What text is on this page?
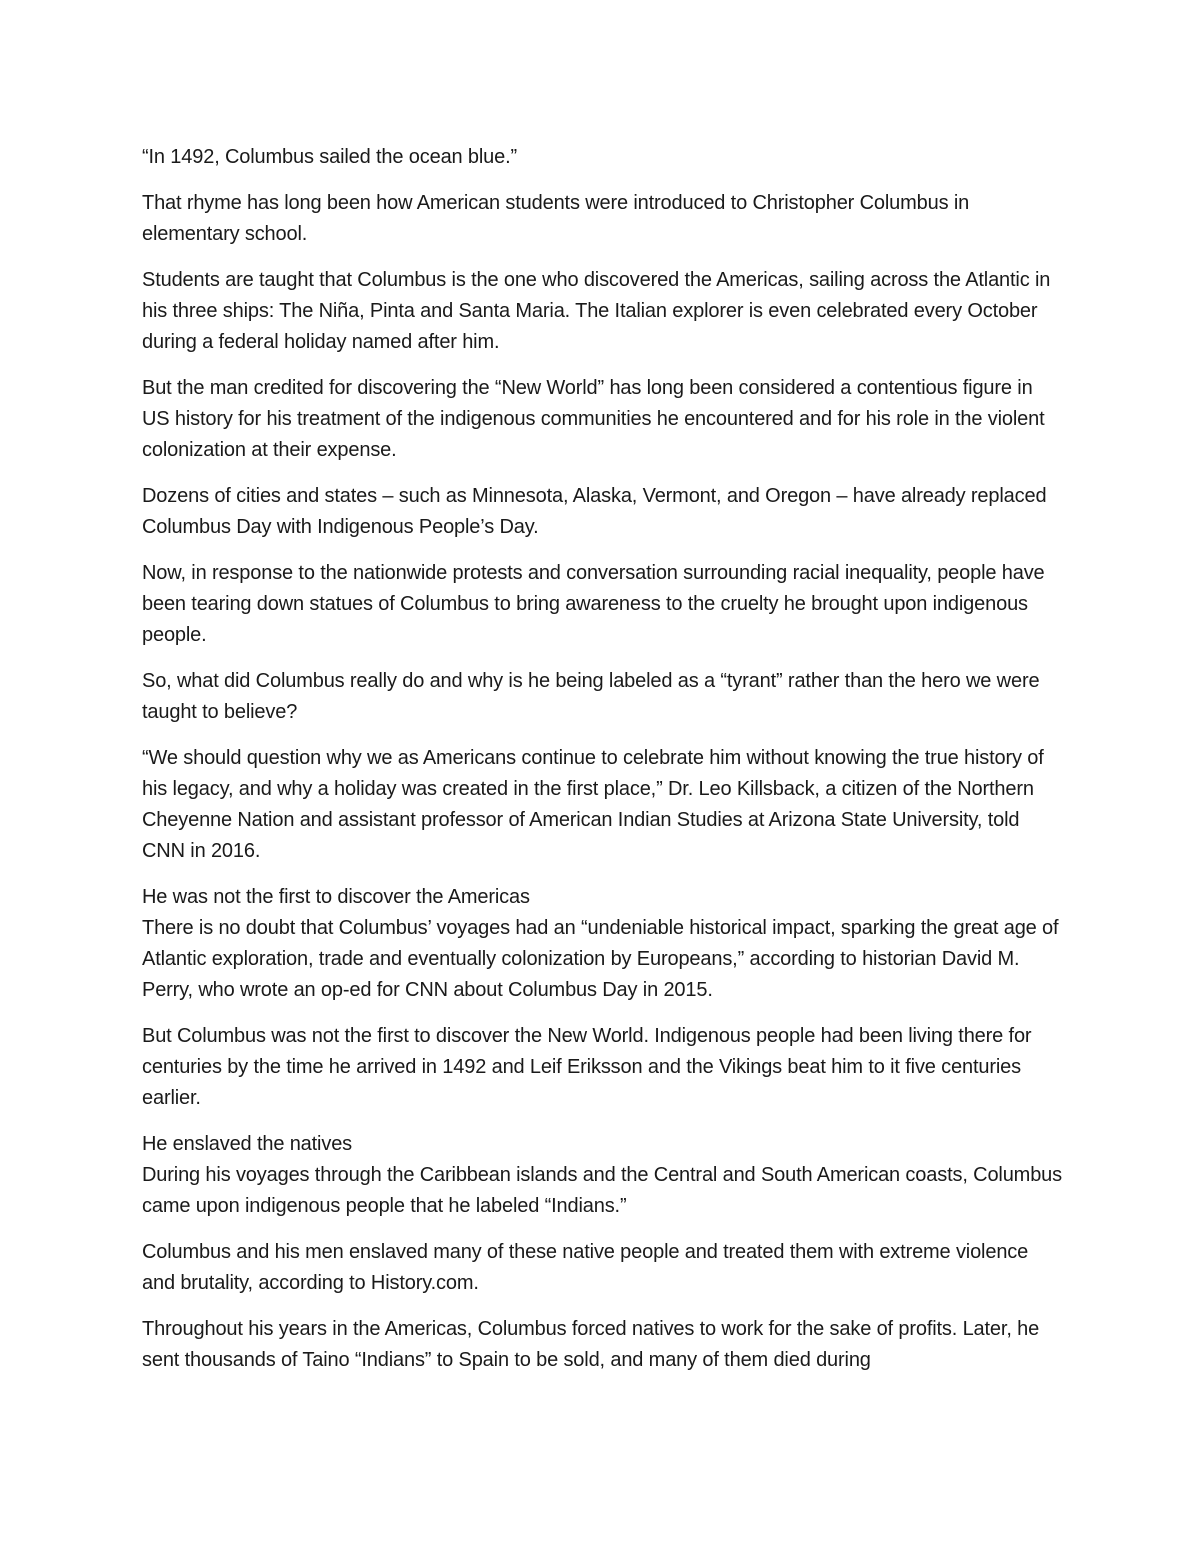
“In 1492, Columbus sailed the ocean blue.”

That rhyme has long been how American students were introduced to Christopher Columbus in elementary school.

Students are taught that Columbus is the one who discovered the Americas, sailing across the Atlantic in his three ships: The Niña, Pinta and Santa Maria. The Italian explorer is even celebrated every October during a federal holiday named after him.

But the man credited for discovering the “New World” has long been considered a contentious figure in US history for his treatment of the indigenous communities he encountered and for his role in the violent colonization at their expense.

Dozens of cities and states – such as Minnesota, Alaska, Vermont, and Oregon – have already replaced Columbus Day with Indigenous People’s Day.

Now, in response to the nationwide protests and conversation surrounding racial inequality, people have been tearing down statues of Columbus to bring awareness to the cruelty he brought upon indigenous people.

So, what did Columbus really do and why is he being labeled as a “tyrant” rather than the hero we were taught to believe?

“We should question why we as Americans continue to celebrate him without knowing the true history of his legacy, and why a holiday was created in the first place,” Dr. Leo Killsback, a citizen of the Northern Cheyenne Nation and assistant professor of American Indian Studies at Arizona State University, told CNN in 2016.

He was not the first to discover the Americas

There is no doubt that Columbus’ voyages had an “undeniable historical impact, sparking the great age of Atlantic exploration, trade and eventually colonization by Europeans,” according to historian David M. Perry, who wrote an op-ed for CNN about Columbus Day in 2015.

But Columbus was not the first to discover the New World. Indigenous people had been living there for centuries by the time he arrived in 1492 and Leif Eriksson and the Vikings beat him to it five centuries earlier.

He enslaved the natives

During his voyages through the Caribbean islands and the Central and South American coasts, Columbus came upon indigenous people that he labeled “Indians.”

Columbus and his men enslaved many of these native people and treated them with extreme violence and brutality, according to History.com.

Throughout his years in the Americas, Columbus forced natives to work for the sake of profits. Later, he sent thousands of Taino “Indians” to Spain to be sold, and many of them died during
